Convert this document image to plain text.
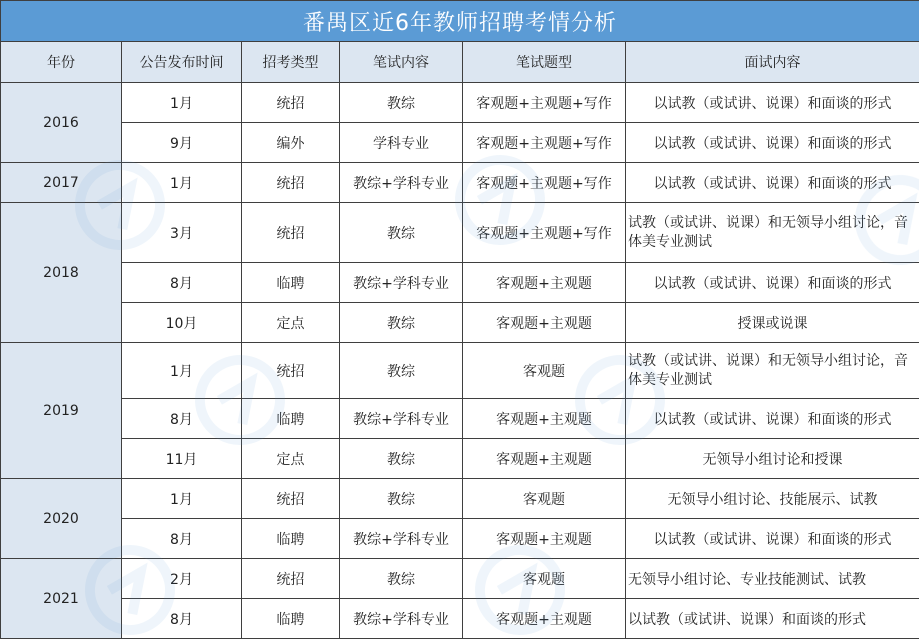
番禺区近6年教师招聘考情分析					
年份	公告发布时间	招考类型	笔试内容	笔试题型	面试内容
2016	1月	统招	教综	客观题+主观题+写作	以试教（或试讲、说课）和面谈的形式
	9月	编外	学科专业	客观题+主观题+写作	以试教（或试讲、说课）和面谈的形式
2017	1月	统招	教综+学科专业	客观题+主观题+写作	以试教（或试讲、说课）和面谈的形式
2018	3月	统招	教综	客观题+主观题+写作	试教（或试讲、说课）和无领导小组讨论，音体美专业测试
	8月	临聘	教综+学科专业	客观题+主观题	以试教（或试讲、说课）和面谈的形式
	10月	定点	教综	客观题+主观题	授课或说课
2019	1月	统招	教综	客观题	试教（或试讲、说课）和无领导小组讨论，音体美专业测试
	8月	临聘	教综+学科专业	客观题+主观题	以试教（或试讲、说课）和面谈的形式
	11月	定点	教综	客观题+主观题	无领导小组讨论和授课
2020	1月	统招	教综	客观题	无领导小组讨论、技能展示、试教
	8月	临聘	教综+学科专业	客观题+主观题	以试教（或试讲、说课）和面谈的形式
2021	2月	统招	教综	客观题	无领导小组讨论、专业技能测试、试教
	8月	临聘	教综+学科专业	客观题+主观题	以试教（或试讲、说课）和面谈的形式
